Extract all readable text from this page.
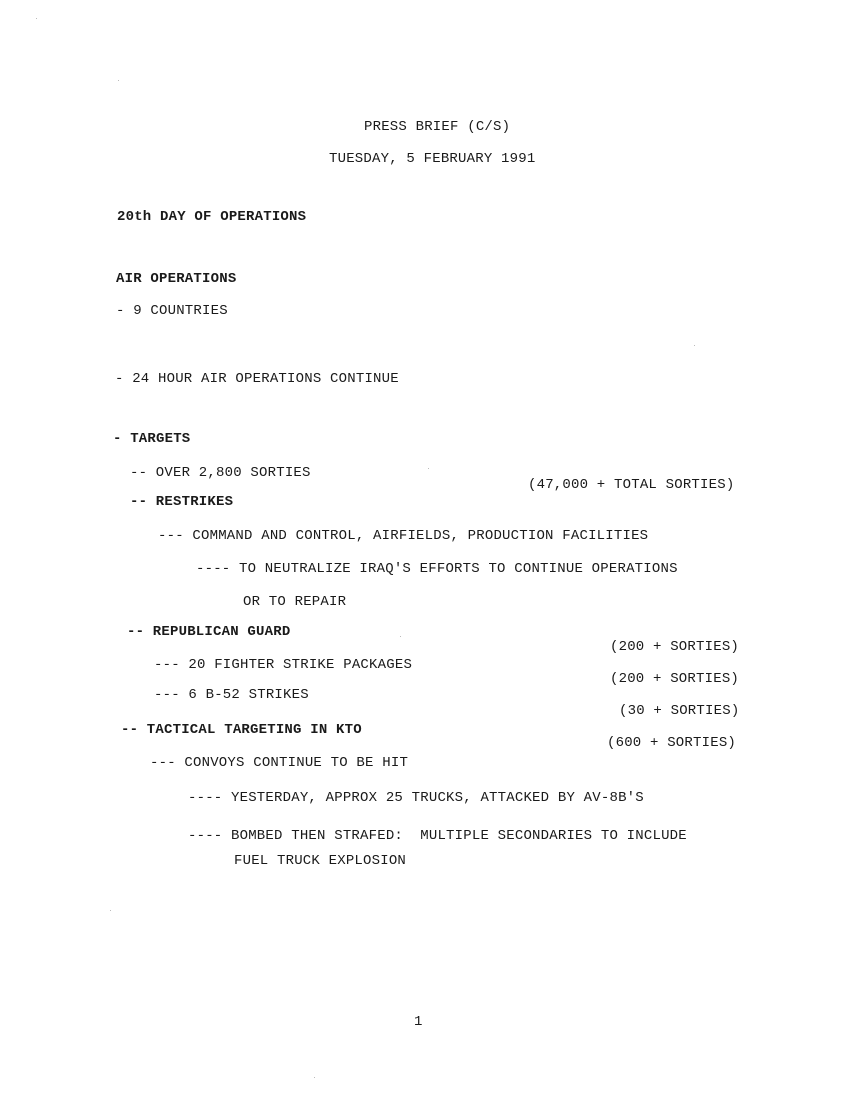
PRESS BRIEF (C/S)
TUESDAY, 5 FEBRUARY 1991
20th DAY OF OPERATIONS
AIR OPERATIONS
- 9 COUNTRIES
- 24 HOUR AIR OPERATIONS CONTINUE
- TARGETS
-- OVER 2,800 SORTIES
(47,000 + TOTAL SORTIES)
-- RESTRIKES
--- COMMAND AND CONTROL, AIRFIELDS, PRODUCTION FACILITIES
---- TO NEUTRALIZE IRAQ'S EFFORTS TO CONTINUE OPERATIONS
OR TO REPAIR
-- REPUBLICAN GUARD
(200 + SORTIES)
--- 20 FIGHTER STRIKE PACKAGES
(200 + SORTIES)
--- 6 B-52 STRIKES
(30 + SORTIES)
-- TACTICAL TARGETING IN KTO
(600 + SORTIES)
--- CONVOYS CONTINUE TO BE HIT
---- YESTERDAY, APPROX 25 TRUCKS, ATTACKED BY AV-8B'S
---- BOMBED THEN STRAFED:  MULTIPLE SECONDARIES TO INCLUDE
FUEL TRUCK EXPLOSION
1
